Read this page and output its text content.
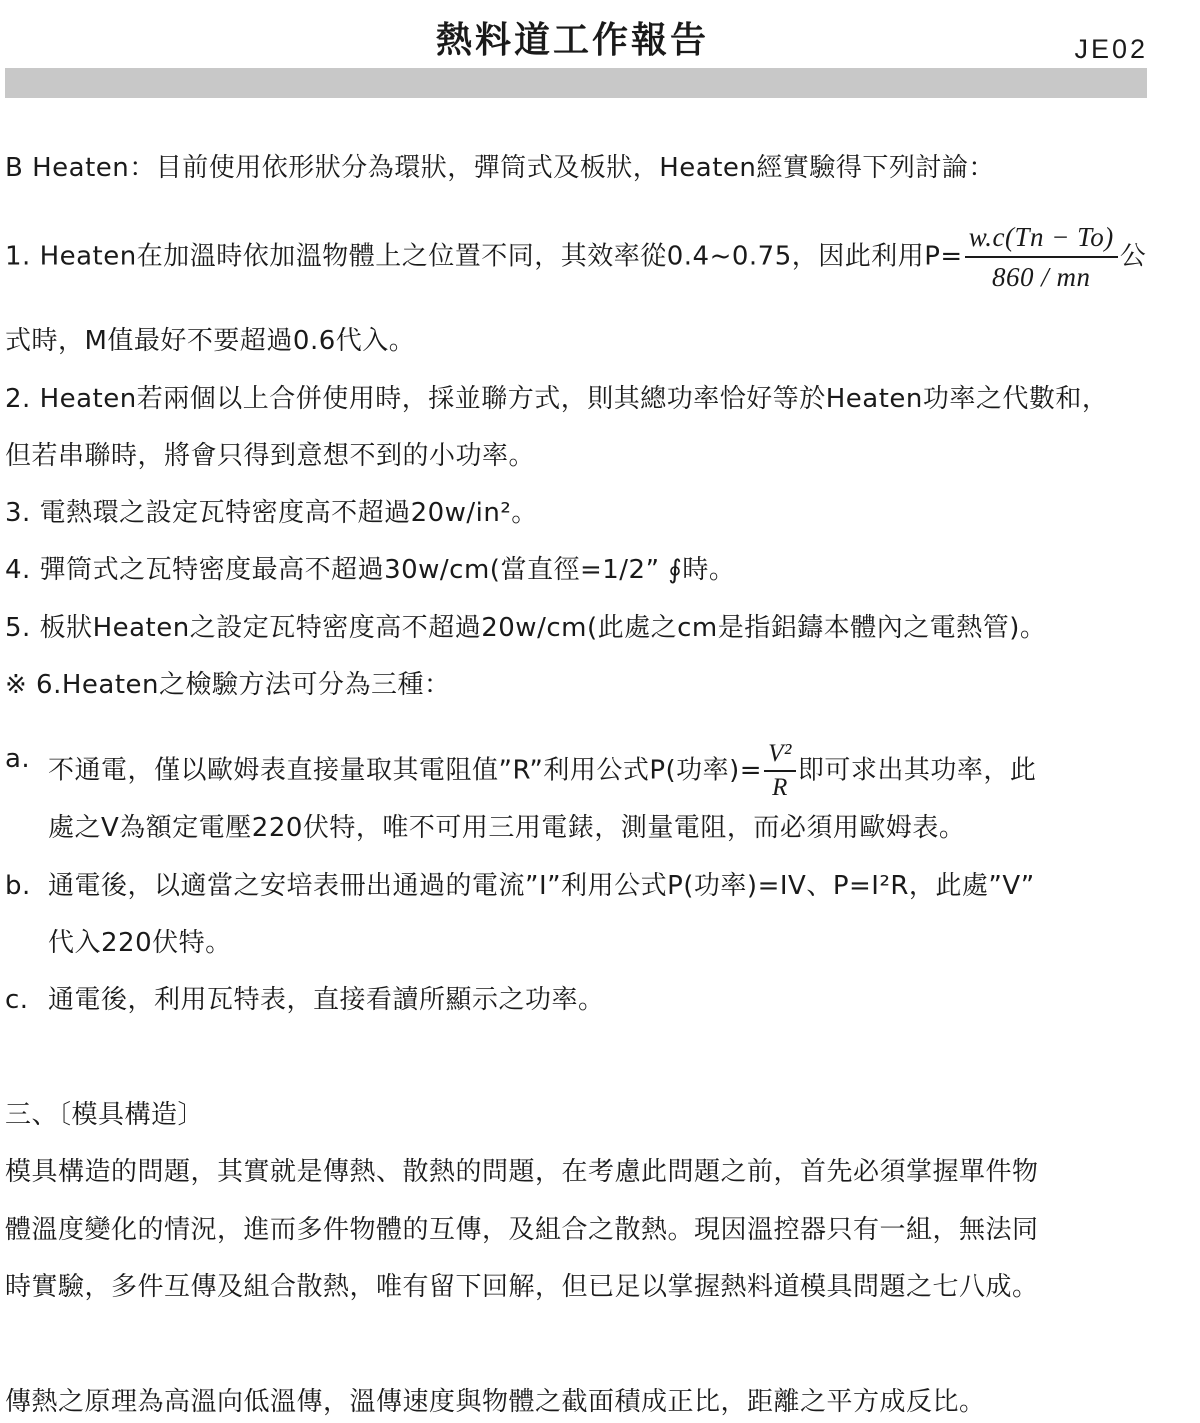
熱料道工作報告	JE02
B Heaten：目前使用依形狀分為環狀，彈筒式及板狀，Heaten經實驗得下列討論：
1. Heaten在加溫時依加溫物體上之位置不同，其效率從0.4~0.75，因此利用$P= \frac{w.c(Tn - To)}{860 / mn}$ 公
式時，M值最好不要超過0.6代入。
2. Heaten若兩個以上合併使用時，採並聯方式，則其總功率恰好等於Heaten功率之代數和，
但若串聯時，將會只得到意想不到的小功率。
3. 電熱環之設定瓦特密度高不超過20w/in²。
4. 彈筒式之瓦特密度最高不超過30w/cm(當直徑=1/2” ∮時。
5. 板狀Heaten之設定瓦特密度高不超過20w/cm(此處之cm是指鋁鑄本體內之電熱管)。
※ 6.Heaten之檢驗方法可分為三種：
a. 不通電，僅以歐姆表直接量取其電阻值”R”利用公式P(功率)= $\frac{\text{V²}}{R}$ 即可求出其功率，此
處之V為額定電壓220伏特，唯不可用三用電錶，測量電阻，而必須用歐姆表。
b. 通電後，以適當之安培表冊出通過的電流”I”利用公式P(功率)=IV、P=I²R，此處”V”
代入220伏特。
c. 通電後，利用瓦特表，直接看讀所顯示之功率。
三、〔模具構造〕
模具構造的問題，其實就是傳熱、散熱的問題，在考慮此問題之前，首先必須掌握單件物
體溫度變化的情況，進而多件物體的互傳，及組合之散熱。現因溫控器只有一組，無法同
時實驗，多件互傳及組合散熱，唯有留下回解，但已足以掌握熱料道模具問題之七八成。
傳熱之原理為高溫向低溫傳，溫傳速度與物體之截面積成正比，距離之平方成反比。
